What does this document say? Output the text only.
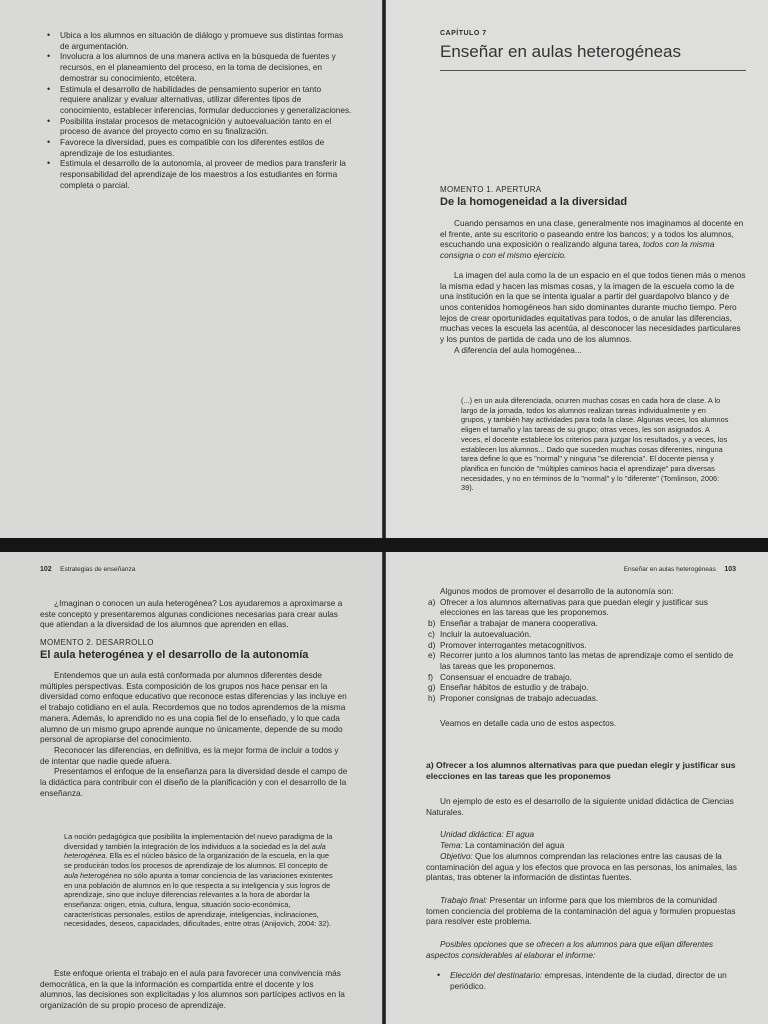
• Ubica a los alumnos en situación de diálogo y promueve sus distintas formas de argumentación.
• Involucra a los alumnos de una manera activa en la búsqueda de fuentes y recursos, en el planeamiento del proceso, en la toma de decisiones, en demostrar su conocimiento, etcétera.
• Estimula el desarrollo de habilidades de pensamiento superior en tanto requiere analizar y evaluar alternativas, utilizar diferentes tipos de conocimiento, establecer inferencias, formular deducciones y generalizaciones.
• Posibilita instalar procesos de metacognición y autoevaluación tanto en el proceso de avance del proyecto como en su finalización.
• Favorece la diversidad, pues es compatible con los diferentes estilos de aprendizaje de los estudiantes.
• Estimula el desarrollo de la autonomía, al proveer de medios para transferir la responsabilidad del aprendizaje de los maestros a los estudiantes en forma completa o parcial.
CAPÍTULO 7
Enseñar en aulas heterogéneas
MOMENTO 1. APERTURA
De la homogeneidad a la diversidad

Cuando pensamos en una clase, generalmente nos imaginamos al docente en el frente, ante su escritorio o paseando entre los bancos; y a todos los alumnos, escuchando una exposición o realizando alguna tarea, todos con la misma consigna o con el mismo ejercicio.

La imagen del aula como la de un espacio en el que todos tienen más o menos la misma edad y hacen las mismas cosas, y la imagen de la escuela como la de una institución en la que se intenta igualar a partir del guardapolvo blanco y de unos contenidos homogéneos han sido dominantes durante mucho tiempo. Pero lejos de crear oportunidades equitativas para todos, o de anular las diferencias, muchas veces la escuela las acentúa, al desconocer las necesidades particulares y los puntos de partida de cada uno de los alumnos.

A diferencia del aula homogénea...

(...) en un aula diferenciada, ocurren muchas cosas en cada hora de clase. A lo largo de la jornada, todos los alumnos realizan tareas individualmente y en grupos, y también hay actividades para toda la clase. Algunas veces, los alumnos eligen el tamaño y las tareas de su grupo; otras veces, les son asignados. A veces, el docente establece los criterios para juzgar los resultados, y a veces, los establecen los alumnos... Dado que suceden muchas cosas diferentes, ninguna tarea define lo que es "normal" y ninguna "se diferencia". El docente piensa y planifica en función de "múltiples caminos hacia el aprendizaje" para diversas necesidades, y no en términos de lo "normal" y lo "diferente" (Tomlinson, 2006: 39).
102 Estrategias de enseñanza

¿Imaginan o conocen un aula heterogénea? Los ayudaremos a aproximarse a este concepto y presentaremos algunas condiciones necesarias para crear aulas que atiendan a la diversidad de los alumnos que aprenden en ellas.

MOMENTO 2. DESARROLLO
El aula heterogénea y el desarrollo de la autonomía

Entendemos que un aula está conformada por alumnos diferentes desde múltiples perspectivas. Esta composición de los grupos nos hace pensar en la diversidad como enfoque educativo que reconoce estas diferencias y las incluye en el trabajo cotidiano en el aula. Recordemos que no todos aprendemos de la misma manera. Además, lo aprendido no es una copia fiel de lo enseñado, y lo que cada alumno de un mismo grupo aprende aunque no únicamente, depende de su modo personal de apropiarse del conocimiento.

Reconocer las diferencias, en definitiva, es la mejor forma de incluir a todos y de intentar que nadie quede afuera.

Presentamos el enfoque de la enseñanza para la diversidad desde el campo de la didáctica para contribuir con el diseño de la planificación y con el desarrollo de la enseñanza.

La noción pedagógica que posibilita la implementación del nuevo paradigma de la diversidad y también la integración de los individuos a la sociedad es la del aula heterogénea. Ella es el núcleo básico de la organización de la escuela, en la que se producirán todos los procesos de aprendizaje de los alumnos. El concepto de aula heterogénea no sólo apunta a tomar conciencia de las variaciones existentes en una población de alumnos en lo que respecta a su inteligencia y sus logros de aprendizaje, sino que incluye diferencias relevantes a la hora de abordar la enseñanza: origen, etnia, cultura, lengua, situación socio-económica, características personales, estilos de aprendizaje, inteligencias, inclinaciones, necesidades, deseos, capacidades, dificultades, entre otras (Anijovich, 2004: 32).

Este enfoque orienta el trabajo en el aula para favorecer una convivencia más democrática, en la que la información es compartida entre el docente y los alumnos, las decisiones son explicitadas y los alumnos son partícipes activos en la organización de su propio proceso de aprendizaje.

Enseñar en aulas heterogéneas 103

Algunos modos de promover el desarrollo de la autonomía son:

a) Ofrecer a los alumnos alternativas para que puedan elegir y justificar sus elecciones en las tareas que les proponemos.
b) Enseñar a trabajar de manera cooperativa.
c) Incluir la autoevaluación.
d) Promover interrogantes metacognitivos.
e) Recorrer junto a los alumnos tanto las metas de aprendizaje como el sentido de las tareas que les proponemos.
f) Consensuar el encuadre de trabajo.
g) Enseñar hábitos de estudio y de trabajo.
h) Proponer consignas de trabajo adecuadas.

Veamos en detalle cada uno de estos aspectos.

a) Ofrecer a los alumnos alternativas para que puedan elegir y justificar sus elecciones en las tareas que les proponemos

Un ejemplo de esto es el desarrollo de la siguiente unidad didáctica de Ciencias Naturales.

Unidad didáctica: El agua

Tema: La contaminación del agua

Objetivo: Que los alumnos comprendan las relaciones entre las causas de la contaminación del agua y los efectos que provoca en las personas, los animales, las plantas, tras obtener la información de distintas fuentes.

Trabajo final: Presentar un informe para que los miembros de la comunidad tomen conciencia del problema de la contaminación del agua y formulen propuestas para resolver este problema.

Posibles opciones que se ofrecen a los alumnos para que elijan diferentes aspectos considerables al elaborar el informe:

• Elección del destinatario: empresas, intendente de la ciudad, director de un periódico.
